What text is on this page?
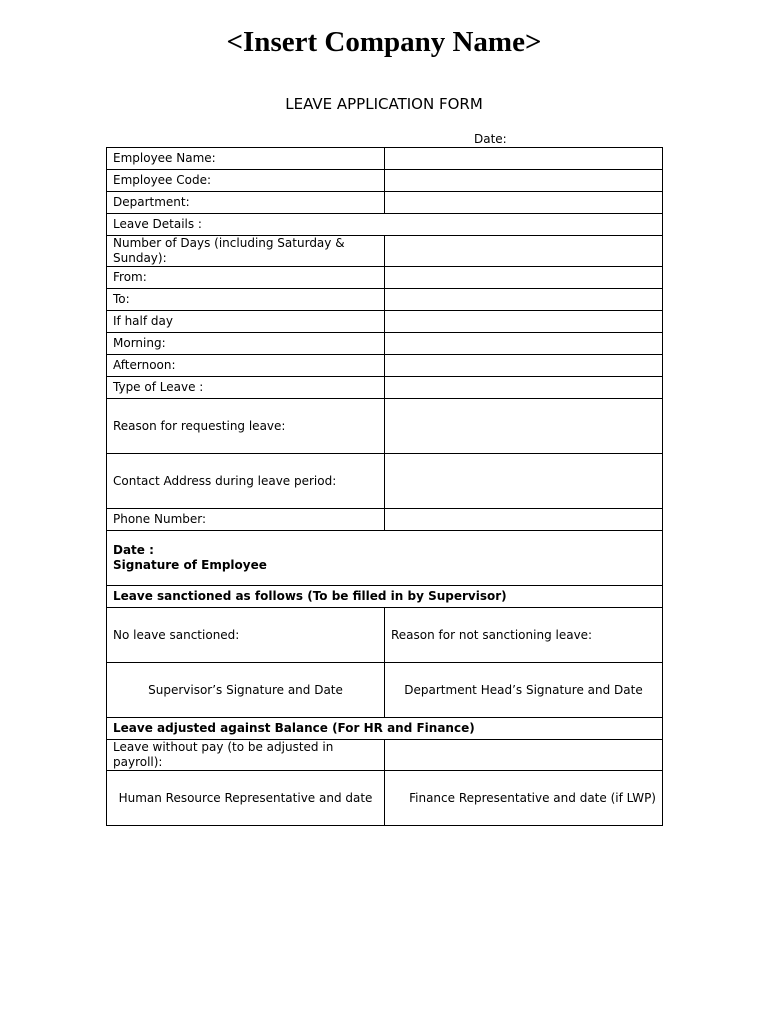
<Insert Company Name>
LEAVE APPLICATION FORM
Date:
Employee Name:	
Employee Code:	
Department:	
Leave Details :	
Number of Days (including Saturday & Sunday):	
From:	
To:	
If half day	
Morning:	
Afternoon:	
Type of Leave :	
Reason for requesting leave:	
Contact Address during leave period:	
Phone Number:	

Date :
Signature of Employee	

Leave sanctioned as follows (To be filled in by Supervisor)	
No leave sanctioned:	Reason for not sanctioning leave:
Supervisor’s Signature and Date	Department Head’s Signature and Date
Leave adjusted against Balance (For HR and Finance)	
Leave without pay (to be adjusted in payroll):	
Human Resource Representative and date	Finance Representative and date (if LWP)
